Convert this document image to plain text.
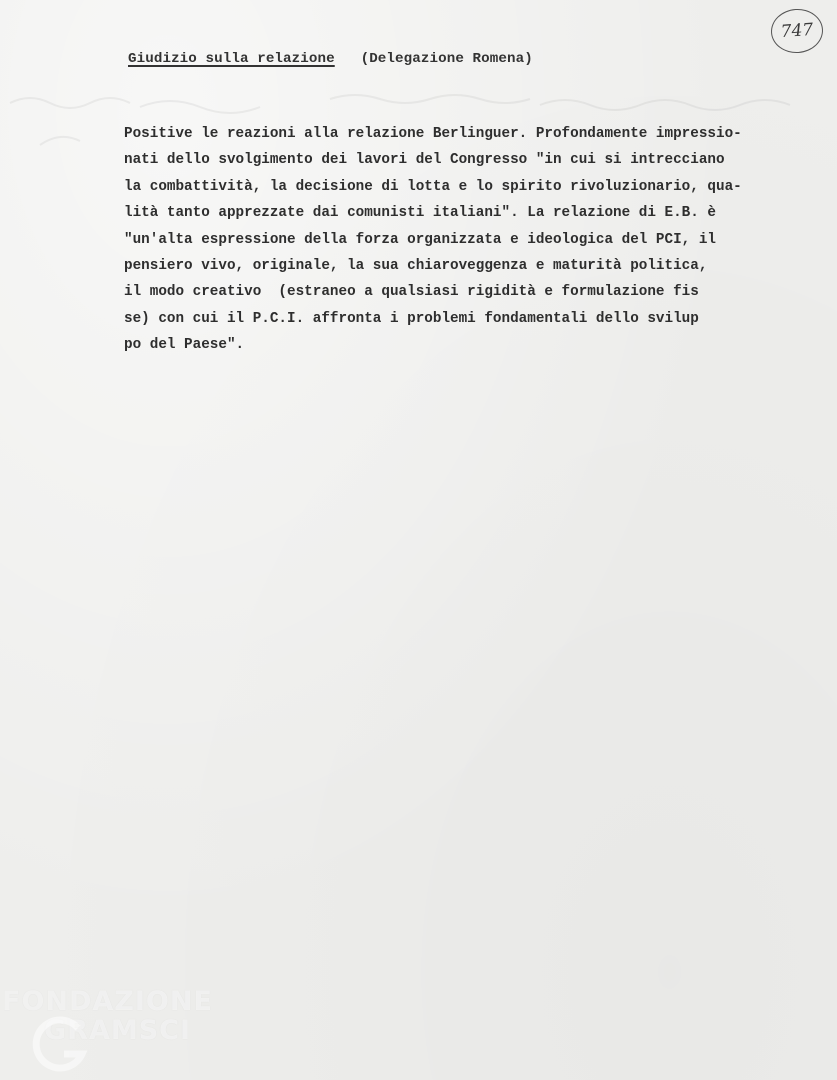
747
Giudizio sulla relazione (Delegazione Romena)
Positive le reazioni alla relazione Berlinguer. Profondamente impressio-
nati dello svolgimento dei lavori del Congresso "in cui si intrecciano
la combattività, la decisione di lotta e lo spirito rivoluzionario, qua-
lità tanto apprezzate dai comunisti italiani". La relazione di E.B. è
"un'alta espressione della forza organizzata e ideologica del PCI, il
pensiero vivo, originale, la sua chiaroveggenza e maturità politica,
il modo creativo  (estraneo a qualsiasi rigidità e formulazione fis
se) con cui il P.C.I. affronta i problemi fondamentali dello svilup
po del Paese".
FONDAZIONE
GRAMSCI
